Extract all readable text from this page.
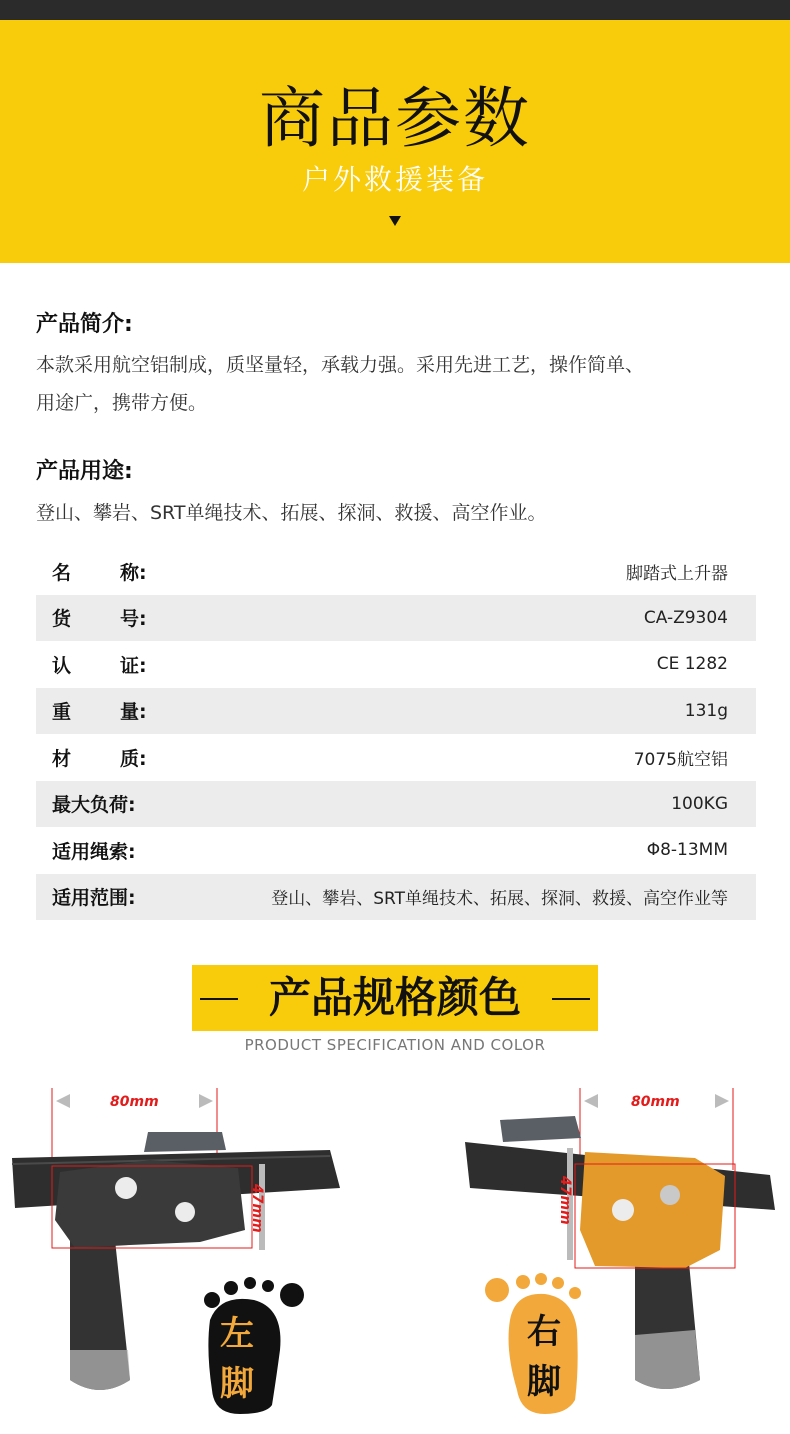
商品参数
户外救援装备
产品简介:
本款采用航空铝制成，质坚量轻，承载力强。采用先进工艺，操作简单、
用途广，携带方便。
产品用途:
登山、攀岩、SRT单绳技术、拓展、探洞、救援、高空作业。
名	称:	脚踏式上升器
货	号:	CA-Z9304
认	证:	CE 1282
重	量:	131g
材	质:	7075航空铝
最大负荷:	100KG
适用绳索:	Φ8-13MM
适用范围:	登山、攀岩、SRT单绳技术、拓展、探洞、救援、高空作业等
产品规格颜色
PRODUCT SPECIFICATION AND COLOR
80mm
47mm
左
脚
80mm
47mm
右
脚
